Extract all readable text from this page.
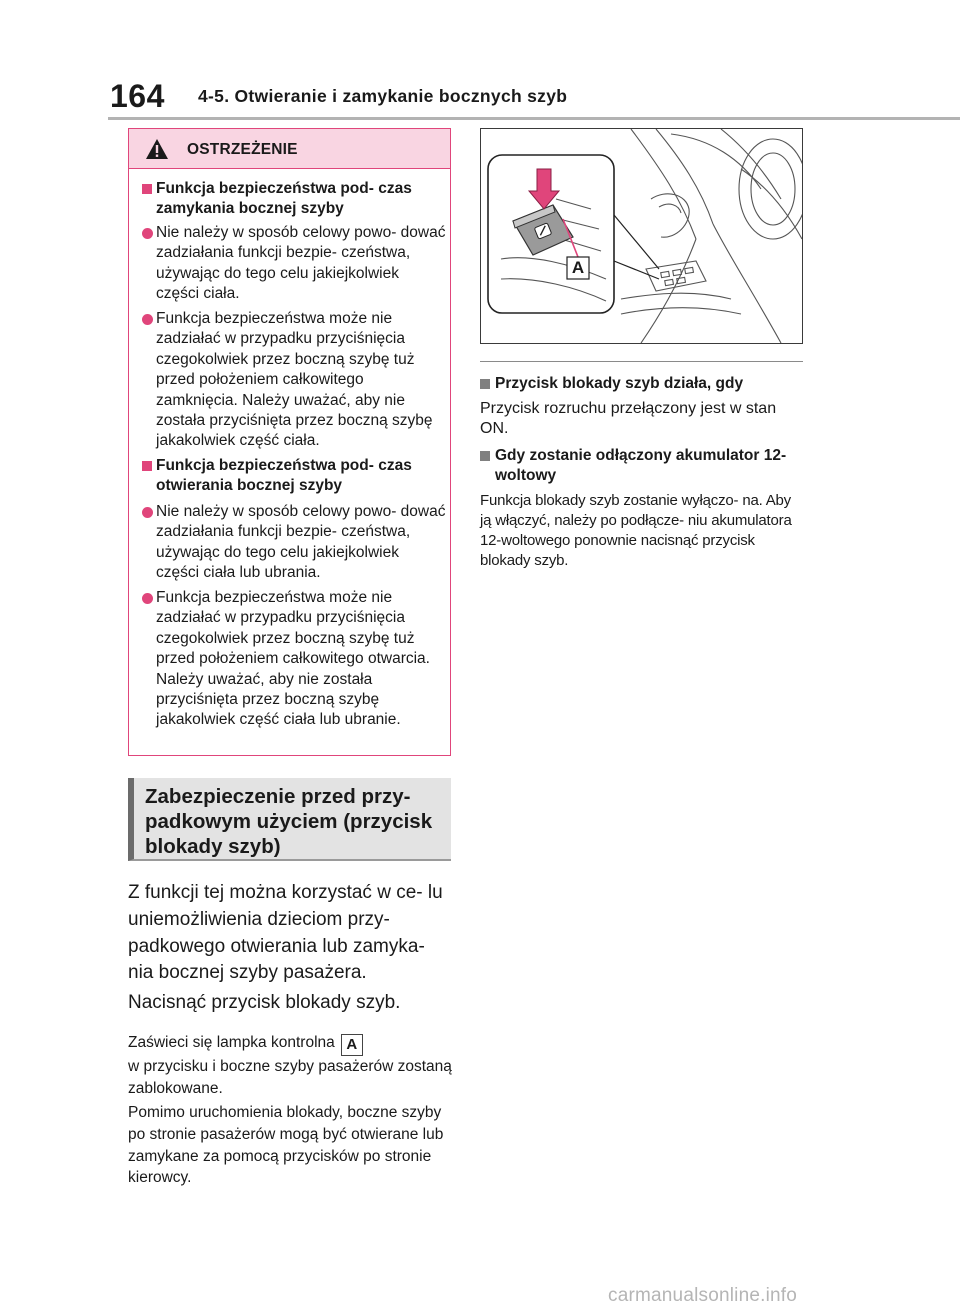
164 4-5. Otwieranie i zamykanie bocznych szyb
OSTRZEŻENIE
Funkcja bezpieczeństwa pod- czas zamykania bocznej szyby
Nie należy w sposób celowy powo- dować zadziałania funkcji bezpie- czeństwa, używając do tego celu jakiejkolwiek części ciała.
Funkcja bezpieczeństwa może nie zadziałać w przypadku przyciśnięcia czegokolwiek przez boczną szybę tuż przed położeniem całkowitego zamknięcia. Należy uważać, aby nie została przyciśnięta przez boczną szybę jakakolwiek część ciała.
Funkcja bezpieczeństwa pod- czas otwierania bocznej szyby
Nie należy w sposób celowy powo- dować zadziałania funkcji bezpie- czeństwa, używając do tego celu jakiejkolwiek części ciała lub ubrania.
Funkcja bezpieczeństwa może nie zadziałać w przypadku przyciśnięcia czegokolwiek przez boczną szybę tuż przed położeniem całkowitego otwarcia. Należy uważać, aby nie została przyciśnięta przez boczną szybę jakakolwiek część ciała lub ubranie.
Zabezpieczenie przed przy- padkowym użyciem (przycisk blokady szyb)
Z funkcji tej można korzystać w ce- lu uniemożliwienia dzieciom przy- padkowego otwierania lub zamyka- nia bocznej szyby pasażera.
Nacisnąć przycisk blokady szyb.
Zaświeci się lampka kontrolna A
w przycisku i boczne szyby pasażerów zostaną zablokowane.
Pomimo uruchomienia blokady, boczne szyby po stronie pasażerów mogą być otwierane lub zamykane za pomocą przycisków po stronie kierowcy.
A
Przycisk blokady szyb działa, gdy
Przycisk rozruchu przełączony jest w stan ON.
Gdy zostanie odłączony akumulator 12-woltowy
Funkcja blokady szyb zostanie wyłączo- na. Aby ją włączyć, należy po podłącze- niu akumulatora 12-woltowego ponownie nacisnąć przycisk blokady szyb.
carmanualsonline.info
